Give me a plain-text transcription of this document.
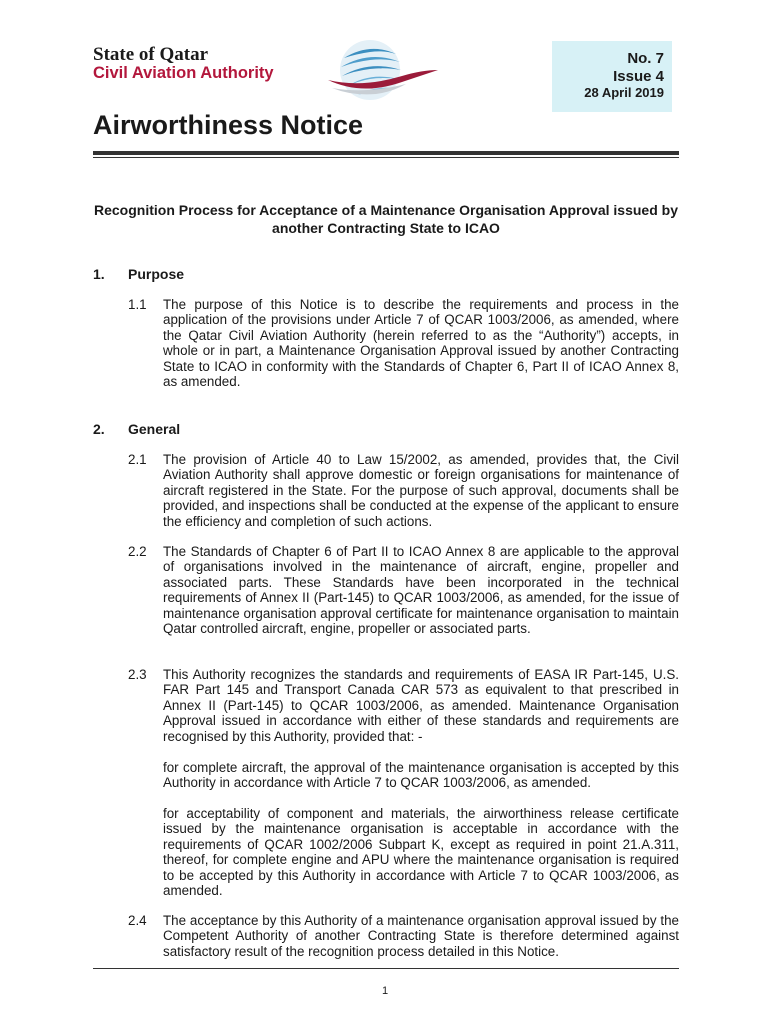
State of Qatar
Civil Aviation Authority
No. 7
Issue 4
28 April 2019
Airworthiness Notice
Recognition Process for Acceptance of a Maintenance Organisation Approval issued by another Contracting State to ICAO
1. Purpose
1.1 The purpose of this Notice is to describe the requirements and process in the application of the provisions under Article 7 of QCAR 1003/2006, as amended, where the Qatar Civil Aviation Authority (herein referred to as the “Authority”) accepts, in whole or in part, a Maintenance Organisation Approval issued by another Contracting State to ICAO in conformity with the Standards of Chapter 6, Part II of ICAO Annex 8, as amended.

2. General
2.1 The provision of Article 40 to Law 15/2002, as amended, provides that, the Civil Aviation Authority shall approve domestic or foreign organisations for maintenance of aircraft registered in the State. For the purpose of such approval, documents shall be provided, and inspections shall be conducted at the expense of the applicant to ensure the efficiency and completion of such actions.

2.2 The Standards of Chapter 6 of Part II to ICAO Annex 8 are applicable to the approval of organisations involved in the maintenance of aircraft, engine, propeller and associated parts. These Standards have been incorporated in the technical requirements of Annex II (Part-145) to QCAR 1003/2006, as amended, for the issue of maintenance organisation approval certificate for maintenance organisation to maintain Qatar controlled aircraft, engine, propeller or associated parts.

2.3 This Authority recognizes the standards and requirements of EASA IR Part-145, U.S. FAR Part 145 and Transport Canada CAR 573 as equivalent to that prescribed in Annex II (Part-145) to QCAR 1003/2006, as amended. Maintenance Organisation Approval issued in accordance with either of these standards and requirements are recognised by this Authority, provided that: -

for complete aircraft, the approval of the maintenance organisation is accepted by this Authority in accordance with Article 7 to QCAR 1003/2006, as amended.

for acceptability of component and materials, the airworthiness release certificate issued by the maintenance organisation is acceptable in accordance with the requirements of QCAR 1002/2006 Subpart K, except as required in point 21.A.311, thereof, for complete engine and APU where the maintenance organisation is required to be accepted by this Authority in accordance with Article 7 to QCAR 1003/2006, as amended.

2.4 The acceptance by this Authority of a maintenance organisation approval issued by the Competent Authority of another Contracting State is therefore determined against satisfactory result of the recognition process detailed in this Notice.

1
